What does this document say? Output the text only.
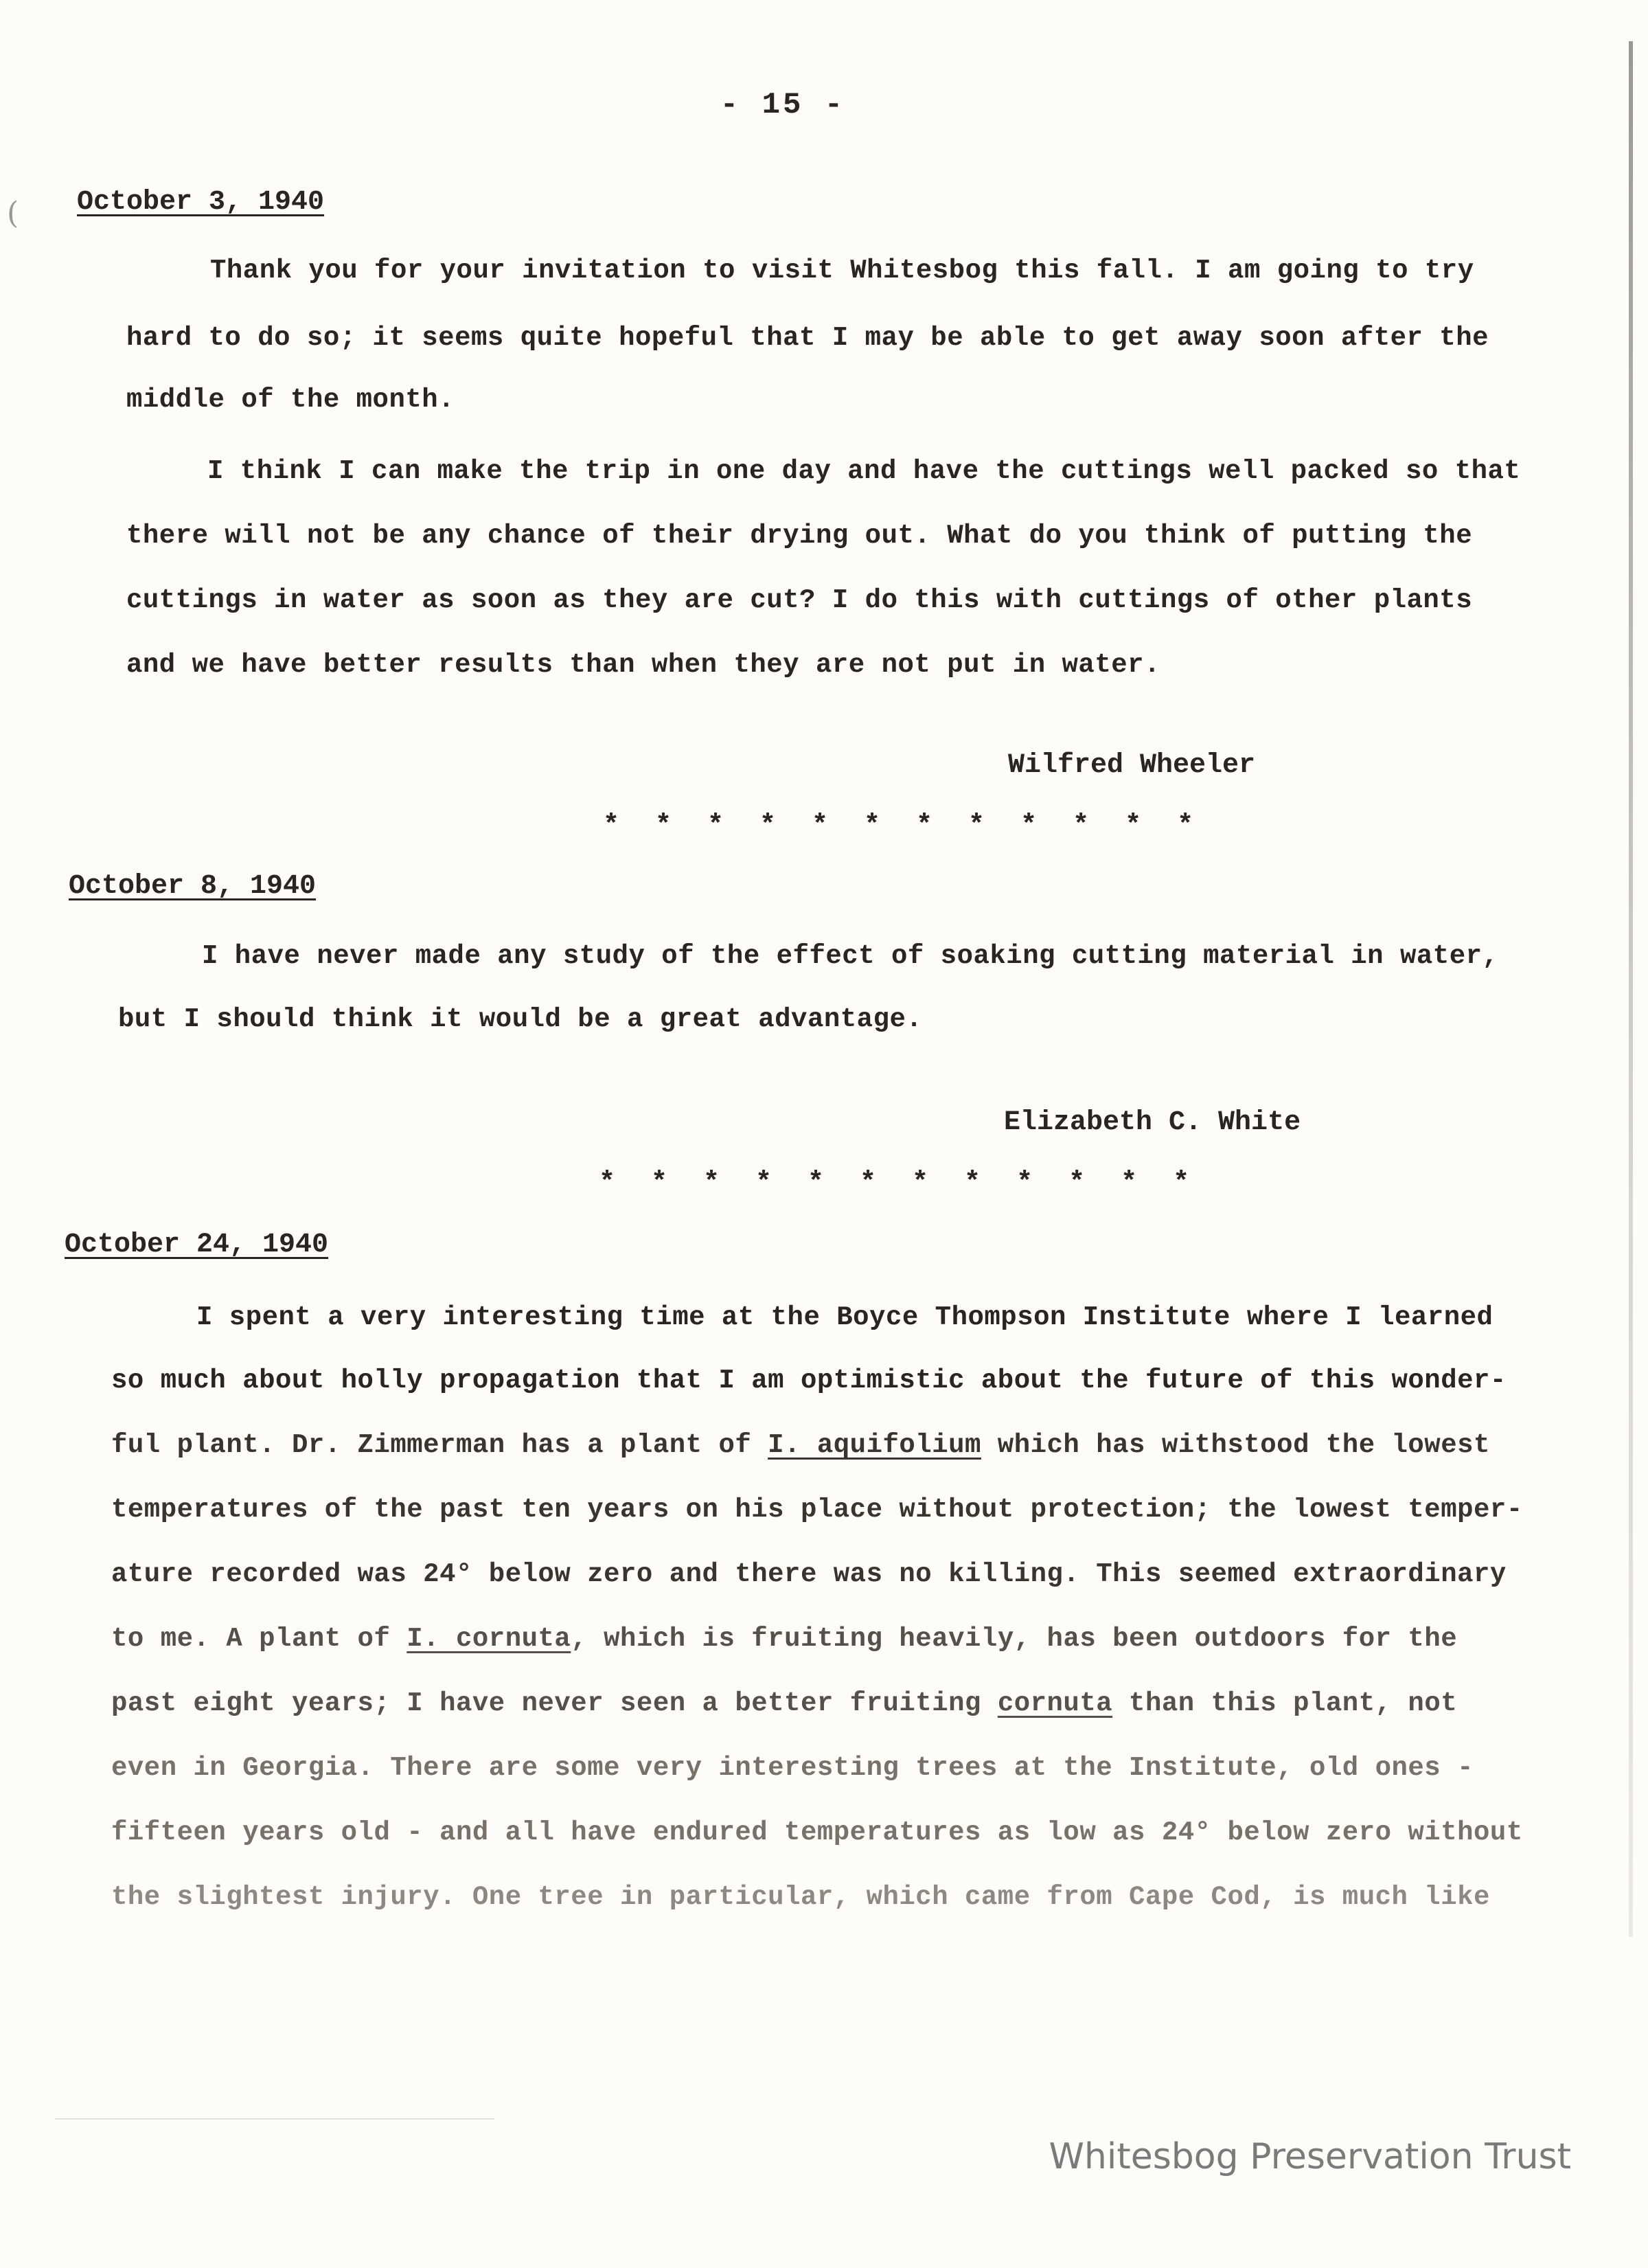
(
- 15 -
October 3, 1940
Thank you for your invitation to visit Whitesbog this fall. I am going to try
hard to do so; it seems quite hopeful that I may be able to get away soon after the
middle of the month.
I think I can make the trip in one day and have the cuttings well packed so that
there will not be any chance of their drying out. What do you think of putting the
cuttings in water as soon as they are cut? I do this with cuttings of other plants
and we have better results than when they are not put in water.
Wilfred Wheeler
* * * * * * * * * * * *
October 8, 1940
I have never made any study of the effect of soaking cutting material in water,
but I should think it would be a great advantage.
Elizabeth C. White
* * * * * * * * * * * *
October 24, 1940
I spent a very interesting time at the Boyce Thompson Institute where I learned
so much about holly propagation that I am optimistic about the future of this wonder-
ful plant. Dr. Zimmerman has a plant of I. aquifolium which has withstood the lowest
temperatures of the past ten years on his place without protection; the lowest temper-
ature recorded was 24° below zero and there was no killing. This seemed extraordinary
to me. A plant of I. cornuta, which is fruiting heavily, has been outdoors for the
past eight years; I have never seen a better fruiting cornuta than this plant, not
even in Georgia. There are some very interesting trees at the Institute, old ones -
fifteen years old - and all have endured temperatures as low as 24° below zero without
the slightest injury. One tree in particular, which came from Cape Cod, is much like
Whitesbog Preservation Trust
